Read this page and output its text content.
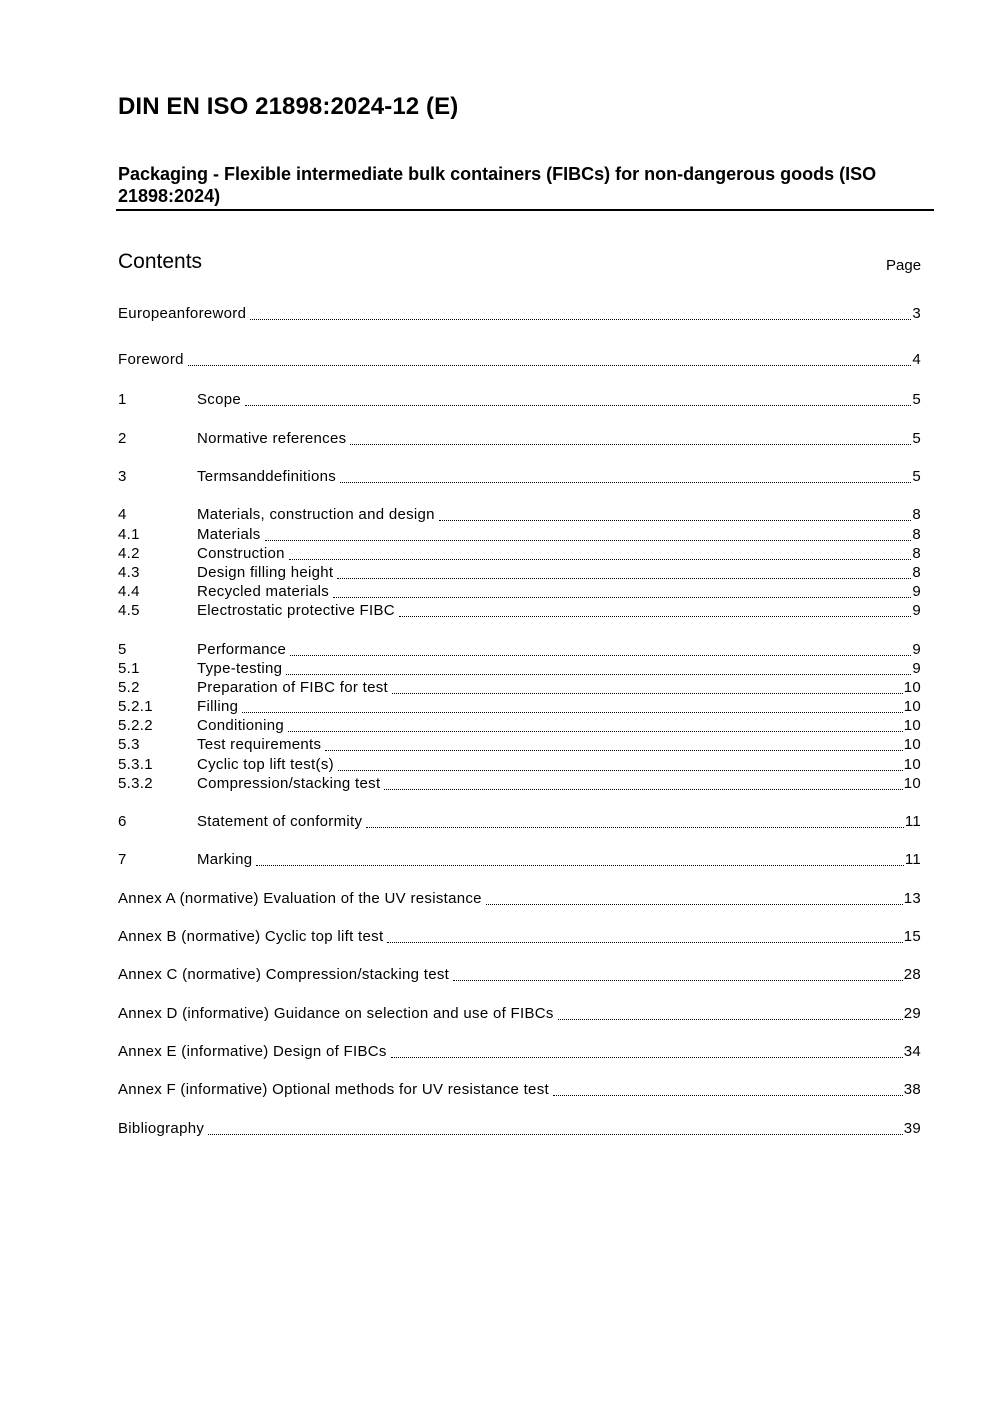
DIN EN ISO 21898:2024-12 (E)
Packaging - Flexible intermediate bulk containers (FIBCs) for non-dangerous goods (ISO 21898:2024)
Contents	Page
Europeanforeword	3
Foreword	4
1	Scope	5
2	Normative references	5
3	Termsanddefinitions	5
4	Materials, construction and design	8
4.1	Materials	8
4.2	Construction	8
4.3	Design filling height	8
4.4	Recycled materials	9
4.5	Electrostatic protective FIBC	9
5	Performance	9
5.1	Type-testing	9
5.2	Preparation of FIBC for test	10
5.2.1	Filling	10
5.2.2	Conditioning	10
5.3	Test requirements	10
5.3.1	Cyclic top lift test(s)	10
5.3.2	Compression/stacking test	10
6	Statement of conformity	11
7	Marking	11
Annex A (normative) Evaluation of the UV resistance	13
Annex B (normative) Cyclic top lift test	15
Annex C (normative) Compression/stacking test	28
Annex D (informative) Guidance on selection and use of FIBCs	29
Annex E (informative) Design of FIBCs	34
Annex F (informative) Optional methods for UV resistance test	38
Bibliography	39
